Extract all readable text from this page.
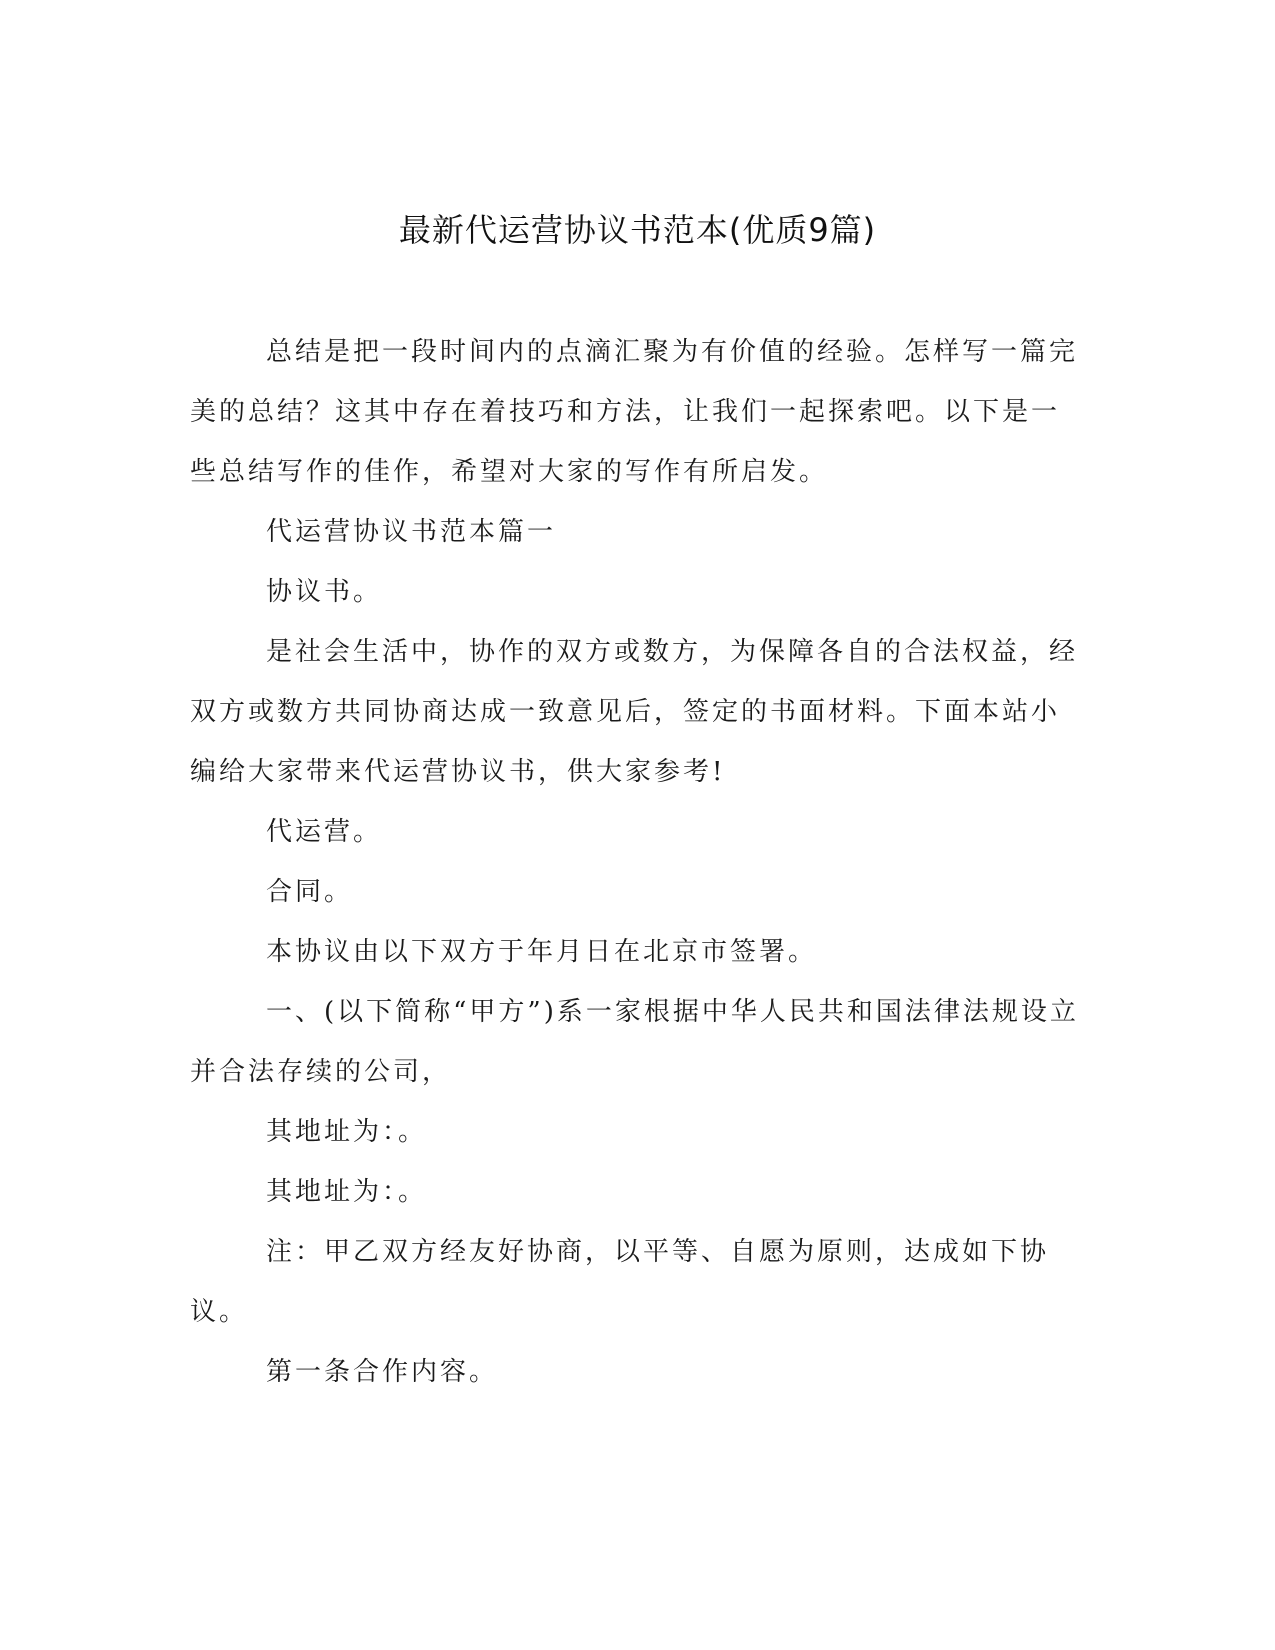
最新代运营协议书范本(优质9篇)

总结是把一段时间内的点滴汇聚为有价值的经验。怎样写一篇完美的总结？这其中存在着技巧和方法，让我们一起探索吧。以下是一些总结写作的佳作，希望对大家的写作有所启发。

代运营协议书范本篇一

协议书。

是社会生活中，协作的双方或数方，为保障各自的合法权益，经双方或数方共同协商达成一致意见后，签定的书面材料。下面本站小编给大家带来代运营协议书，供大家参考!

代运营。

合同。

本协议由以下双方于年月日在北京市签署。

一、(以下简称“甲方”)系一家根据中华人民共和国法律法规设立并合法存续的公司，

其地址为：。

其地址为：。

注：甲乙双方经友好协商，以平等、自愿为原则，达成如下协议。

第一条合作内容。
